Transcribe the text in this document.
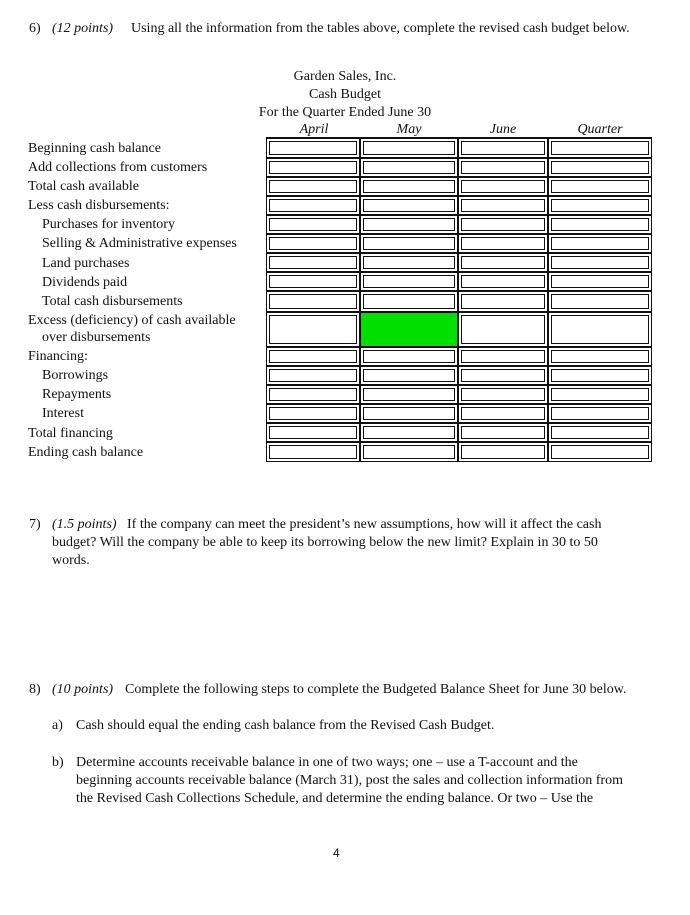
6) (12 points) Using all the information from the tables above, complete the revised cash budget below.
Garden Sales, Inc.
Cash Budget
For the Quarter Ended June 30
April	May	June	Quarter
Beginning cash balance
Add collections from customers
Total cash available
Less cash disbursements:
Purchases for inventory
Selling & Administrative expenses
Land purchases
Dividends paid
Total cash disbursements
Excess (deficiency) of cash available
over disbursements
Financing:
Borrowings
Repayments
Interest
Total financing
Ending cash balance
7) (1.5 points) If the company can meet the president’s new assumptions, how will it affect the cash
budget? Will the company be able to keep its borrowing below the new limit? Explain in 30 to 50
words.
8) (10 points) Complete the following steps to complete the Budgeted Balance Sheet for June 30 below.
a) Cash should equal the ending cash balance from the Revised Cash Budget.
b) Determine accounts receivable balance in one of two ways; one – use a T-account and the
beginning accounts receivable balance (March 31), post the sales and collection information from
the Revised Cash Collections Schedule, and determine the ending balance. Or two – Use the
4
